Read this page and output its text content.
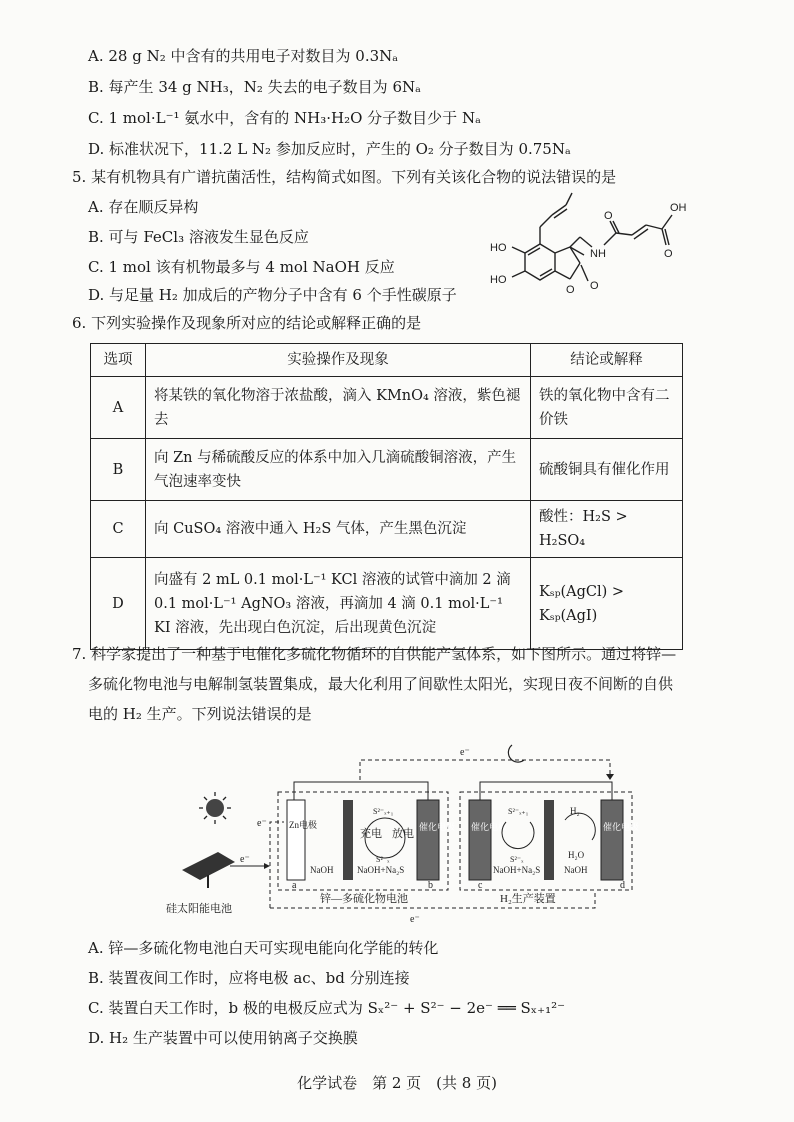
A. 28 g N₂ 中含有的共用电子对数目为 0.3Nₐ
B. 每产生 34 g NH₃，N₂ 失去的电子数目为 6Nₐ
C. 1 mol·L⁻¹ 氨水中，含有的 NH₃·H₂O 分子数目少于 Nₐ
D. 标准状况下，11.2 L N₂ 参加反应时，产生的 O₂ 分子数目为 0.75Nₐ
5. 某有机物具有广谱抗菌活性，结构简式如图。下列有关该化合物的说法错误的是
A. 存在顺反异构
B. 可与 FeCl₃ 溶液发生显色反应
C. 1 mol 该有机物最多与 4 mol NaOH 反应
D. 与足量 H₂ 加成后的产物分子中含有 6 个手性碳原子
OH
NH
O
O
HO
HO
O O
6. 下列实验操作及现象所对应的结论或解释正确的是
选项	实验操作及现象	结论或解释
A	将某铁的氧化物溶于浓盐酸，滴入 KMnO₄ 溶液，紫色褪去	铁的氧化物中含有二价铁
B	向 Zn 与稀硫酸反应的体系中加入几滴硫酸铜溶液，产生气泡速率变快	硫酸铜具有催化作用
C	向 CuSO₄ 溶液中通入 H₂S 气体，产生黑色沉淀	酸性：H₂S > H₂SO₄
D	向盛有 2 mL 0.1 mol·L⁻¹ KCl 溶液的试管中滴加 2 滴 0.1 mol·L⁻¹ AgNO₃ 溶液，再滴加 4 滴 0.1 mol·L⁻¹ KI 溶液，先出现白色沉淀，后出现黄色沉淀	Kₛₚ(AgCl) > Kₛₚ(AgI)
7. 科学家提出了一种基于电催化多硫化物循环的自供能产氢体系，如下图所示。通过将锌—
多硫化物电池与电解制氢装置集成，最大化利用了间歇性太阳光，实现日夜不间断的自供
电的 H₂ 生产。下列说法错误的是
e⁻
硅太阳能电池
e⁻
e⁻
e⁻
Zn电极	催化电极
NaOH
充电 放电
S²⁻ₓ₊₁
S²⁻ₓ
NaOH+Na₂S
a	b
锌—多硫化物电池
催化电极	催化电极
S²⁻ₓ₊₁
S²⁻ₓ
NaOH+Na₂S
H₂
H₂O
NaOH
c	d
H₂生产装置
A. 锌—多硫化物电池白天可实现电能向化学能的转化
B. 装置夜间工作时，应将电极 ac、bd 分别连接
C. 装置白天工作时，b 极的电极反应式为 Sₓ²⁻ + S²⁻ − 2e⁻ ══ Sₓ₊₁²⁻
D. H₂ 生产装置中可以使用钠离子交换膜
化学试卷　第 2 页　(共 8 页)
